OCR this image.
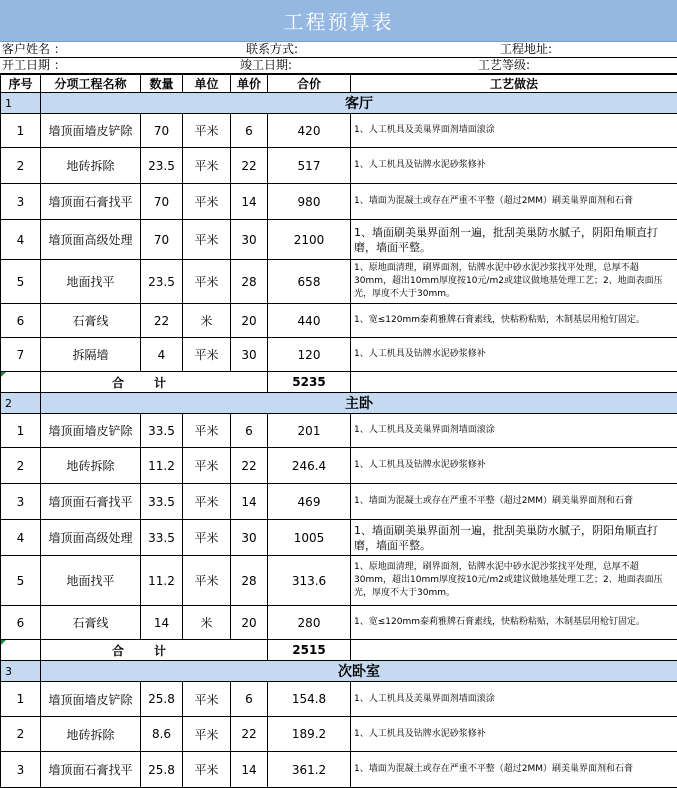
工程预算表
客户姓名 ：	联系方式:	工程地址:
开工日期 ：	竣工日期:	工艺等级:
序号	分项工程名称	数量	单位	单价	合价	工艺做法
1	客厅					
1	墙顶面墙皮铲除	70	平米	6	420	1、人工机具及美巢界面剂墙面滚涂
2	地砖拆除	23.5	平米	22	517	1、人工机具及钻牌水泥砂浆修补
3	墙顶面石膏找平	70	平米	14	980	1、墙面为混凝土或存在严重不平整（超过2MM）刷美巢界面剂和石膏
4	墙顶面高级处理	70	平米	30	2100	1、墙面刷美巢界面剂一遍，批刮美巢防水腻子，阴阳角顺直打磨，墙面平整。
5	地面找平	23.5	平米	28	658	1、原地面清理，刷界面剂，钻牌水泥中砂水泥沙浆找平处理，总厚不超30mm，超出10mm厚度按10元/m2或建议做地基处理工艺；2、地面表面压光，厚度不大于30mm。
6	石膏线	22	米	20	440	1、宽≤120mm泰莉雅牌石膏素线，快粘粉粘贴，木制基层用枪钉固定。
7	拆隔墙	4	平米	30	120	1、人工机具及钻牌水泥砂浆修补
	合计				5235	
2	主卧					
1	墙顶面墙皮铲除	33.5	平米	6	201	1、人工机具及美巢界面剂墙面滚涂
2	地砖拆除	11.2	平米	22	246.4	1、人工机具及钻牌水泥砂浆修补
3	墙顶面石膏找平	33.5	平米	14	469	1、墙面为混凝土或存在严重不平整（超过2MM）刷美巢界面剂和石膏
4	墙顶面高级处理	33.5	平米	30	1005	1、墙面刷美巢界面剂一遍，批刮美巢防水腻子，阴阳角顺直打磨，墙面平整。
5	地面找平	11.2	平米	28	313.6	1、原地面清理，刷界面剂，钻牌水泥中砂水泥沙浆找平处理，总厚不超30mm，超出10mm厚度按10元/m2或建议做地基处理工艺；2、地面表面压光，厚度不大于30mm。
6	石膏线	14	米	20	280	1、宽≤120mm泰莉雅牌石膏素线，快粘粉粘贴，木制基层用枪钉固定。
	合计				2515	
3	次卧室					
1	墙顶面墙皮铲除	25.8	平米	6	154.8	1、人工机具及美巢界面剂墙面滚涂
2	地砖拆除	8.6	平米	22	189.2	1、人工机具及钻牌水泥砂浆修补
3	墙顶面石膏找平	25.8	平米	14	361.2	1、墙面为混凝土或存在严重不平整（超过2MM）刷美巢界面剂和石膏
